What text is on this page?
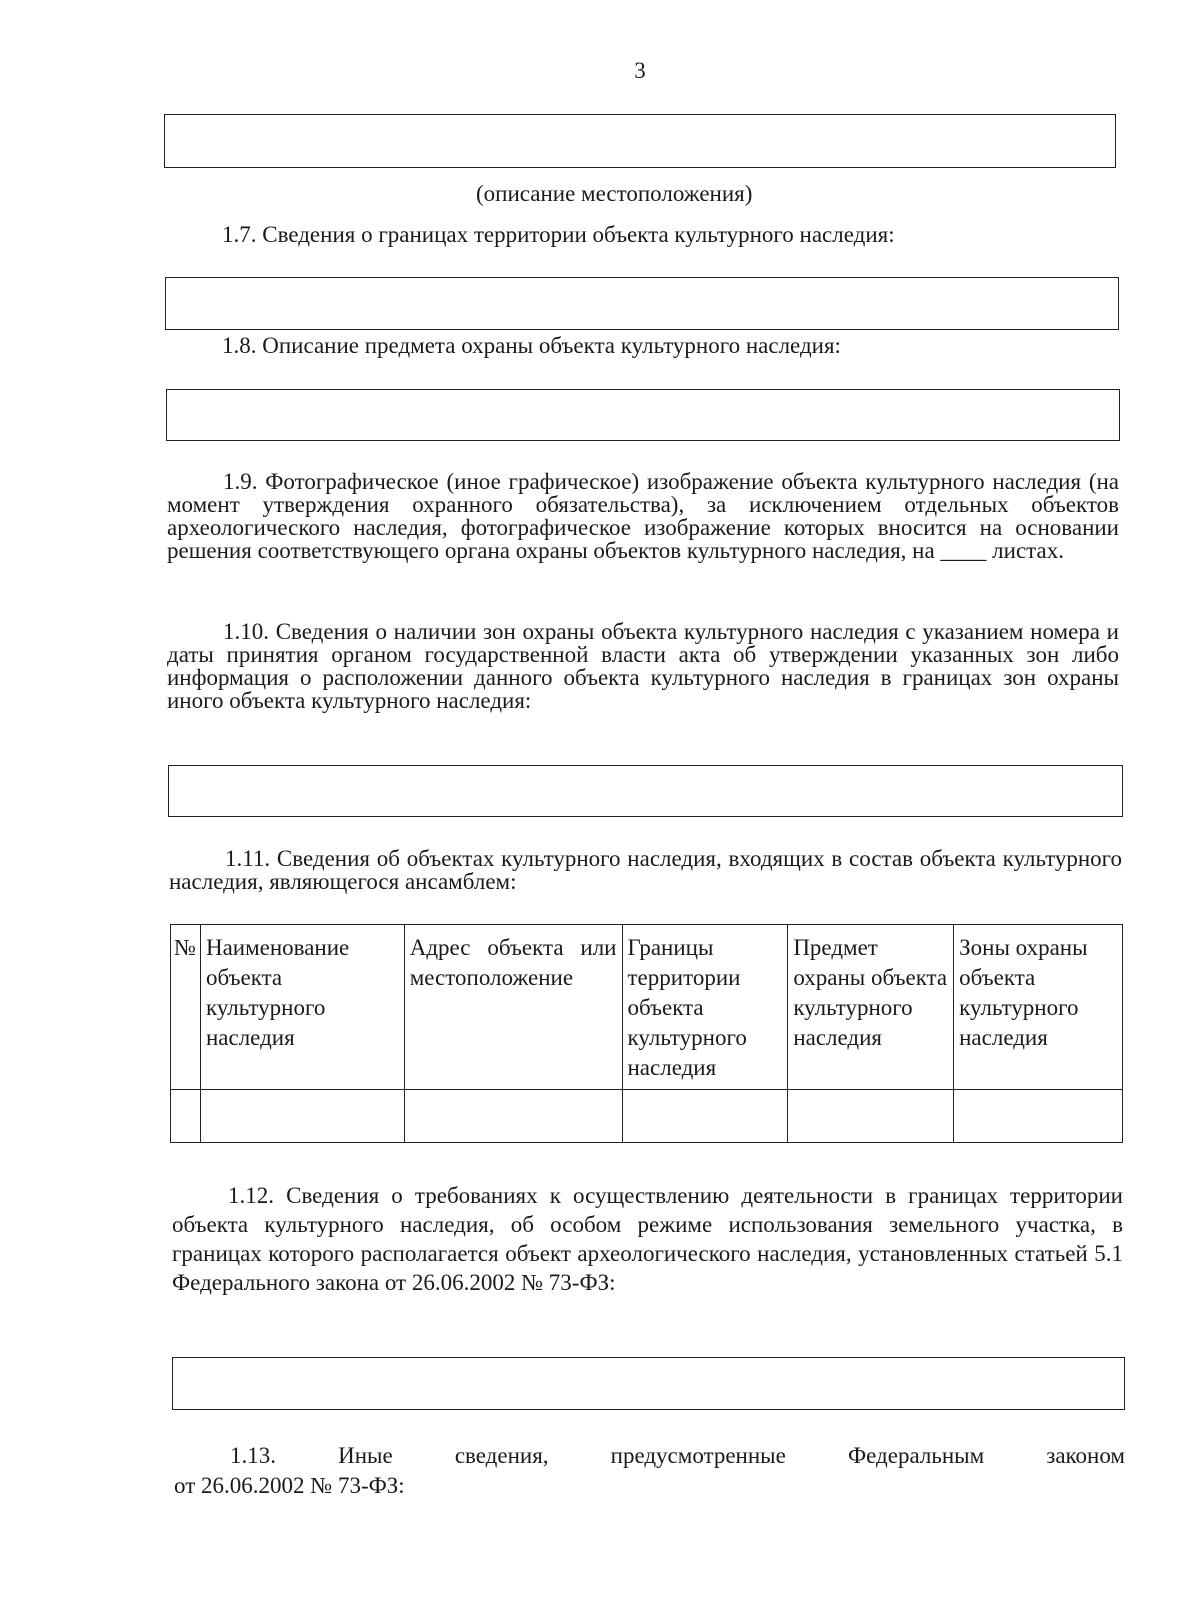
3
(описание местоположения)
1.7. Сведения о границах территории объекта культурного наследия:
1.8. Описание предмета охраны объекта культурного наследия:
1.9. Фотографическое (иное графическое) изображение объекта культурного наследия (на момент утверждения охранного обязательства), за исключением отдельных объектов археологического наследия, фотографическое изображение которых вносится на основании решения соответствующего органа охраны объектов культурного наследия, на ____ листах.
1.10. Сведения о наличии зон охраны объекта культурного наследия с указанием номера и даты принятия органом государственной власти акта об утверждении указанных зон либо информация о расположении данного объекта культурного наследия в границах зон охраны иного объекта культурного наследия:
1.11. Сведения об объектах культурного наследия, входящих в состав объекта культурного наследия, являющегося ансамблем:
№	Наименование объекта культурного наследия	Адрес объекта или местоположение	Границы территории объекта культурного наследия	Предмет охраны объекта культурного наследия	Зоны охраны объекта культурного наследия

1.12. Сведения о требованиях к осуществлению деятельности в границах территории объекта культурного наследия, об особом режиме использования земельного участка, в границах которого располагается объект археологического наследия, установленных статьей 5.1 Федерального закона от 26.06.2002 № 73-ФЗ:
1.13. Иные сведения, предусмотренные Федеральным законом
от 26.06.2002 № 73-ФЗ:
